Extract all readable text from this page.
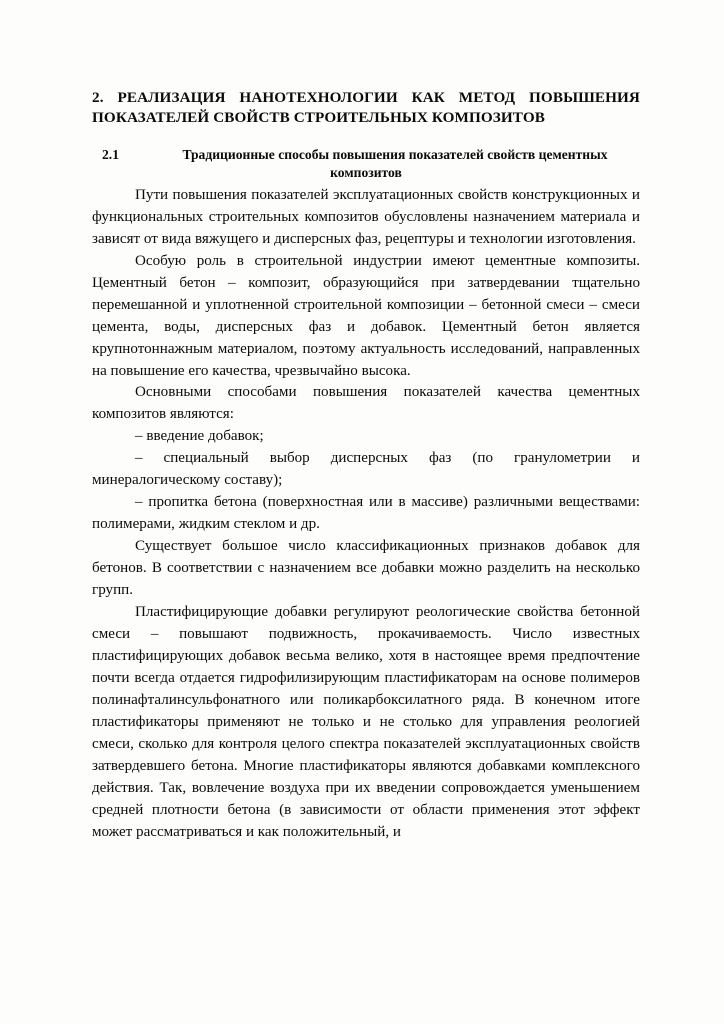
2. РЕАЛИЗАЦИЯ НАНОТЕХНОЛОГИИ КАК МЕТОД ПОВЫШЕНИЯ
ПОКАЗАТЕЛЕЙ СВОЙСТВ СТРОИТЕЛЬНЫХ КОМПОЗИТОВ
2.1	Традиционные способы повышения показателей свойств цементных
композитов

Пути повышения показателей эксплуатационных свойств конструкционных и функциональных строительных композитов обусловлены назначением материала и зависят от вида вяжущего и дисперсных фаз, рецептуры и технологии изготовления.

Особую роль в строительной индустрии имеют цементные композиты. Цементный бетон – композит, образующийся при затвердевании тщательно перемешанной и уплотненной строительной композиции – бетонной смеси – смеси цемента, воды, дисперсных фаз и добавок. Цементный бетон является крупнотоннажным материалом, поэтому актуальность исследований, направленных на повышение его качества, чрезвычайно высока.

Основными способами повышения показателей качества цементных композитов являются:

– введение добавок;

– специальный выбор дисперсных фаз (по гранулометрии и минералогическому составу);

– пропитка бетона (поверхностная или в массиве) различными веществами: полимерами, жидким стеклом и др.

Существует большое число классификационных признаков добавок для бетонов. В соответствии с назначением все добавки можно разделить на несколько групп.

Пластифицирующие добавки регулируют реологические свойства бетонной смеси – повышают подвижность, прокачиваемость. Число известных пластифицирующих добавок весьма велико, хотя в настоящее время предпочтение почти всегда отдается гидрофилизирующим пластификаторам на основе полимеров полинафталинсульфонатного или поликарбоксилатного ряда. В конечном итоге пластификаторы применяют не только и не столько для управления реологией смеси, сколько для контроля целого спектра показателей эксплуатационных свойств затвердевшего бетона. Многие пластификаторы являются добавками комплексного действия. Так, вовлечение воздуха при их введении сопровождается уменьшением средней плотности бетона (в зависимости от области применения этот эффект может рассматриваться и как положительный, и
